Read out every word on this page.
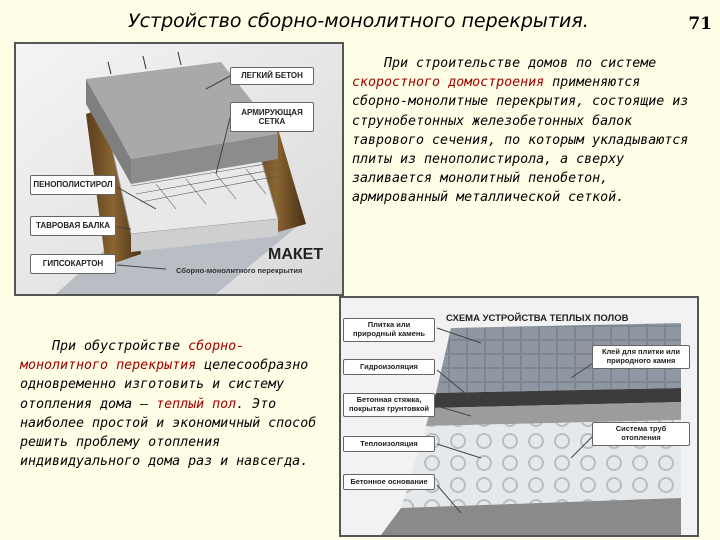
Устройство сборно-монолитного перекрытия.	71
ЛЕГКИЙ БЕТОН
АРМИРУЮЩАЯ СЕТКА
ПЕНОПОЛИСТИРОЛ
ТАВРОВАЯ БАЛКА
ГИПСОКАРТОН
МАКЕТ
Сборно-монолитного перекрытия
При строительстве домов по системе скоростного домостроения применяются сборно-монолитные перекрытия, состоящие из струнобетонных железобетонных балок таврового сечения, по которым укладываются плиты из пенополистирола, а сверху заливается монолитный пенобетон, армированный металлической сеткой.
При обустройстве сборно-монолитного перекрытия целесообразно одновременно изготовить и систему отопления дома — теплый пол. Это наиболее простой и экономичный способ решить проблему отопления индивидуального дома раз и навсегда.
СХЕМА УСТРОЙСТВА ТЕПЛЫХ ПОЛОВ
Плитка или природный камень
Гидроизоляция
Бетонная стяжка, покрытая грунтовкой
Теплоизоляция
Бетонное основание
Клей для плитки или природного камня
Система труб отопления
